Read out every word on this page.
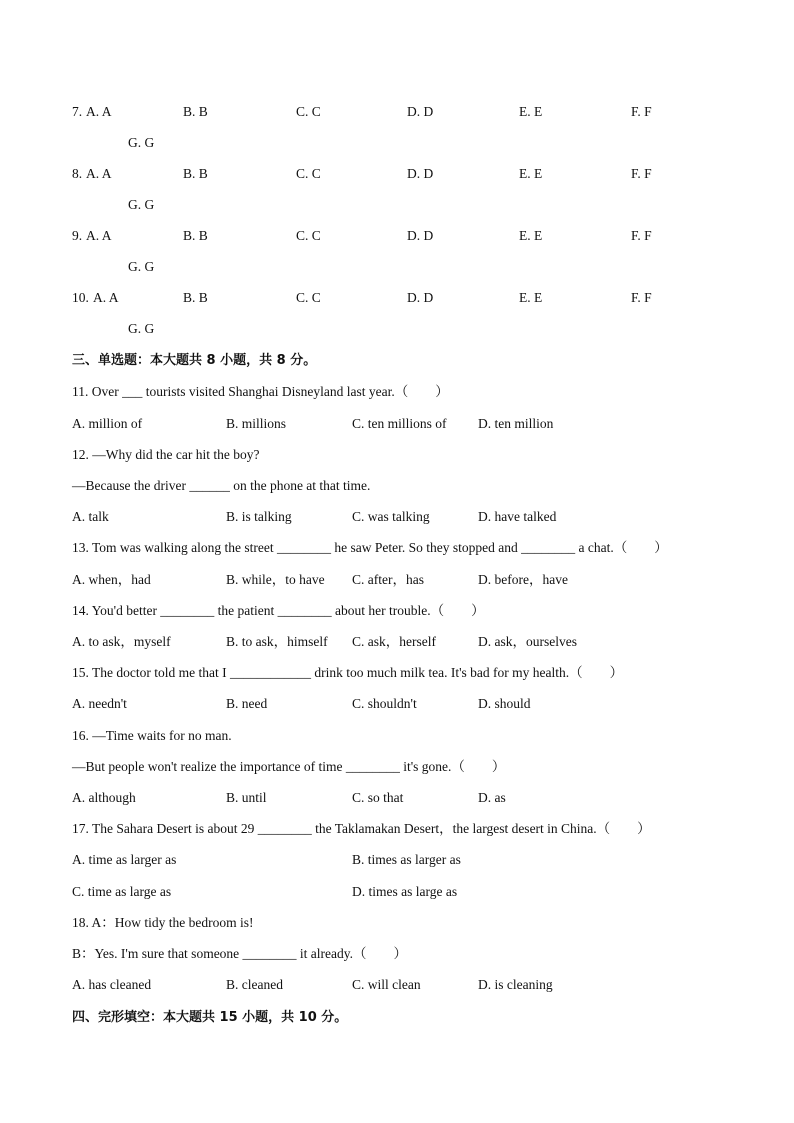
7. A. A	B. B	C. C	D. D	E. E	F. F
G. G
8. A. A	B. B	C. C	D. D	E. E	F. F
G. G
9. A. A	B. B	C. C	D. D	E. E	F. F
G. G
10. A. A	B. B	C. C	D. D	E. E	F. F
G. G
三、单选题：本大题共 8 小题，共 8 分。
11. Over ___ tourists visited Shanghai Disneyland last year.（　　）
A. million of	B. millions	C. ten millions of D. ten million
12. —Why did the car hit the boy?
—Because the driver ______ on the phone at that time.
A. talk	B. is talking	C. was talking	D. have talked
13. Tom was walking along the street ________ he saw Peter. So they stopped and ________ a chat.（　　）
A. when，had	B. while，to have C. after，has	D. before，have
14. You'd better ________ the patient ________ about her trouble.（　　）
A. to ask，myself	B. to ask，himself C. ask，herself	D. ask，ourselves
15. The doctor told me that I ____________ drink too much milk tea. It's bad for my health.（　　）
A. needn't	B. need	C. shouldn't	D. should
16. —Time waits for no man.
—But people won't realize the importance of time ________ it's gone.（　　）
A. although	B. until	C. so that	D. as
17. The Sahara Desert is about 29 ________ the Taklamakan Desert，the largest desert in China.（　　）
A. time as larger as	B. times as larger as
C. time as large as	D. times as large as
18. A：How tidy the bedroom is!
B：Yes. I'm sure that someone ________ it already.（　　）
A. has cleaned	B. cleaned	C. will clean	D. is cleaning
四、完形填空：本大题共 15 小题，共 10 分。
